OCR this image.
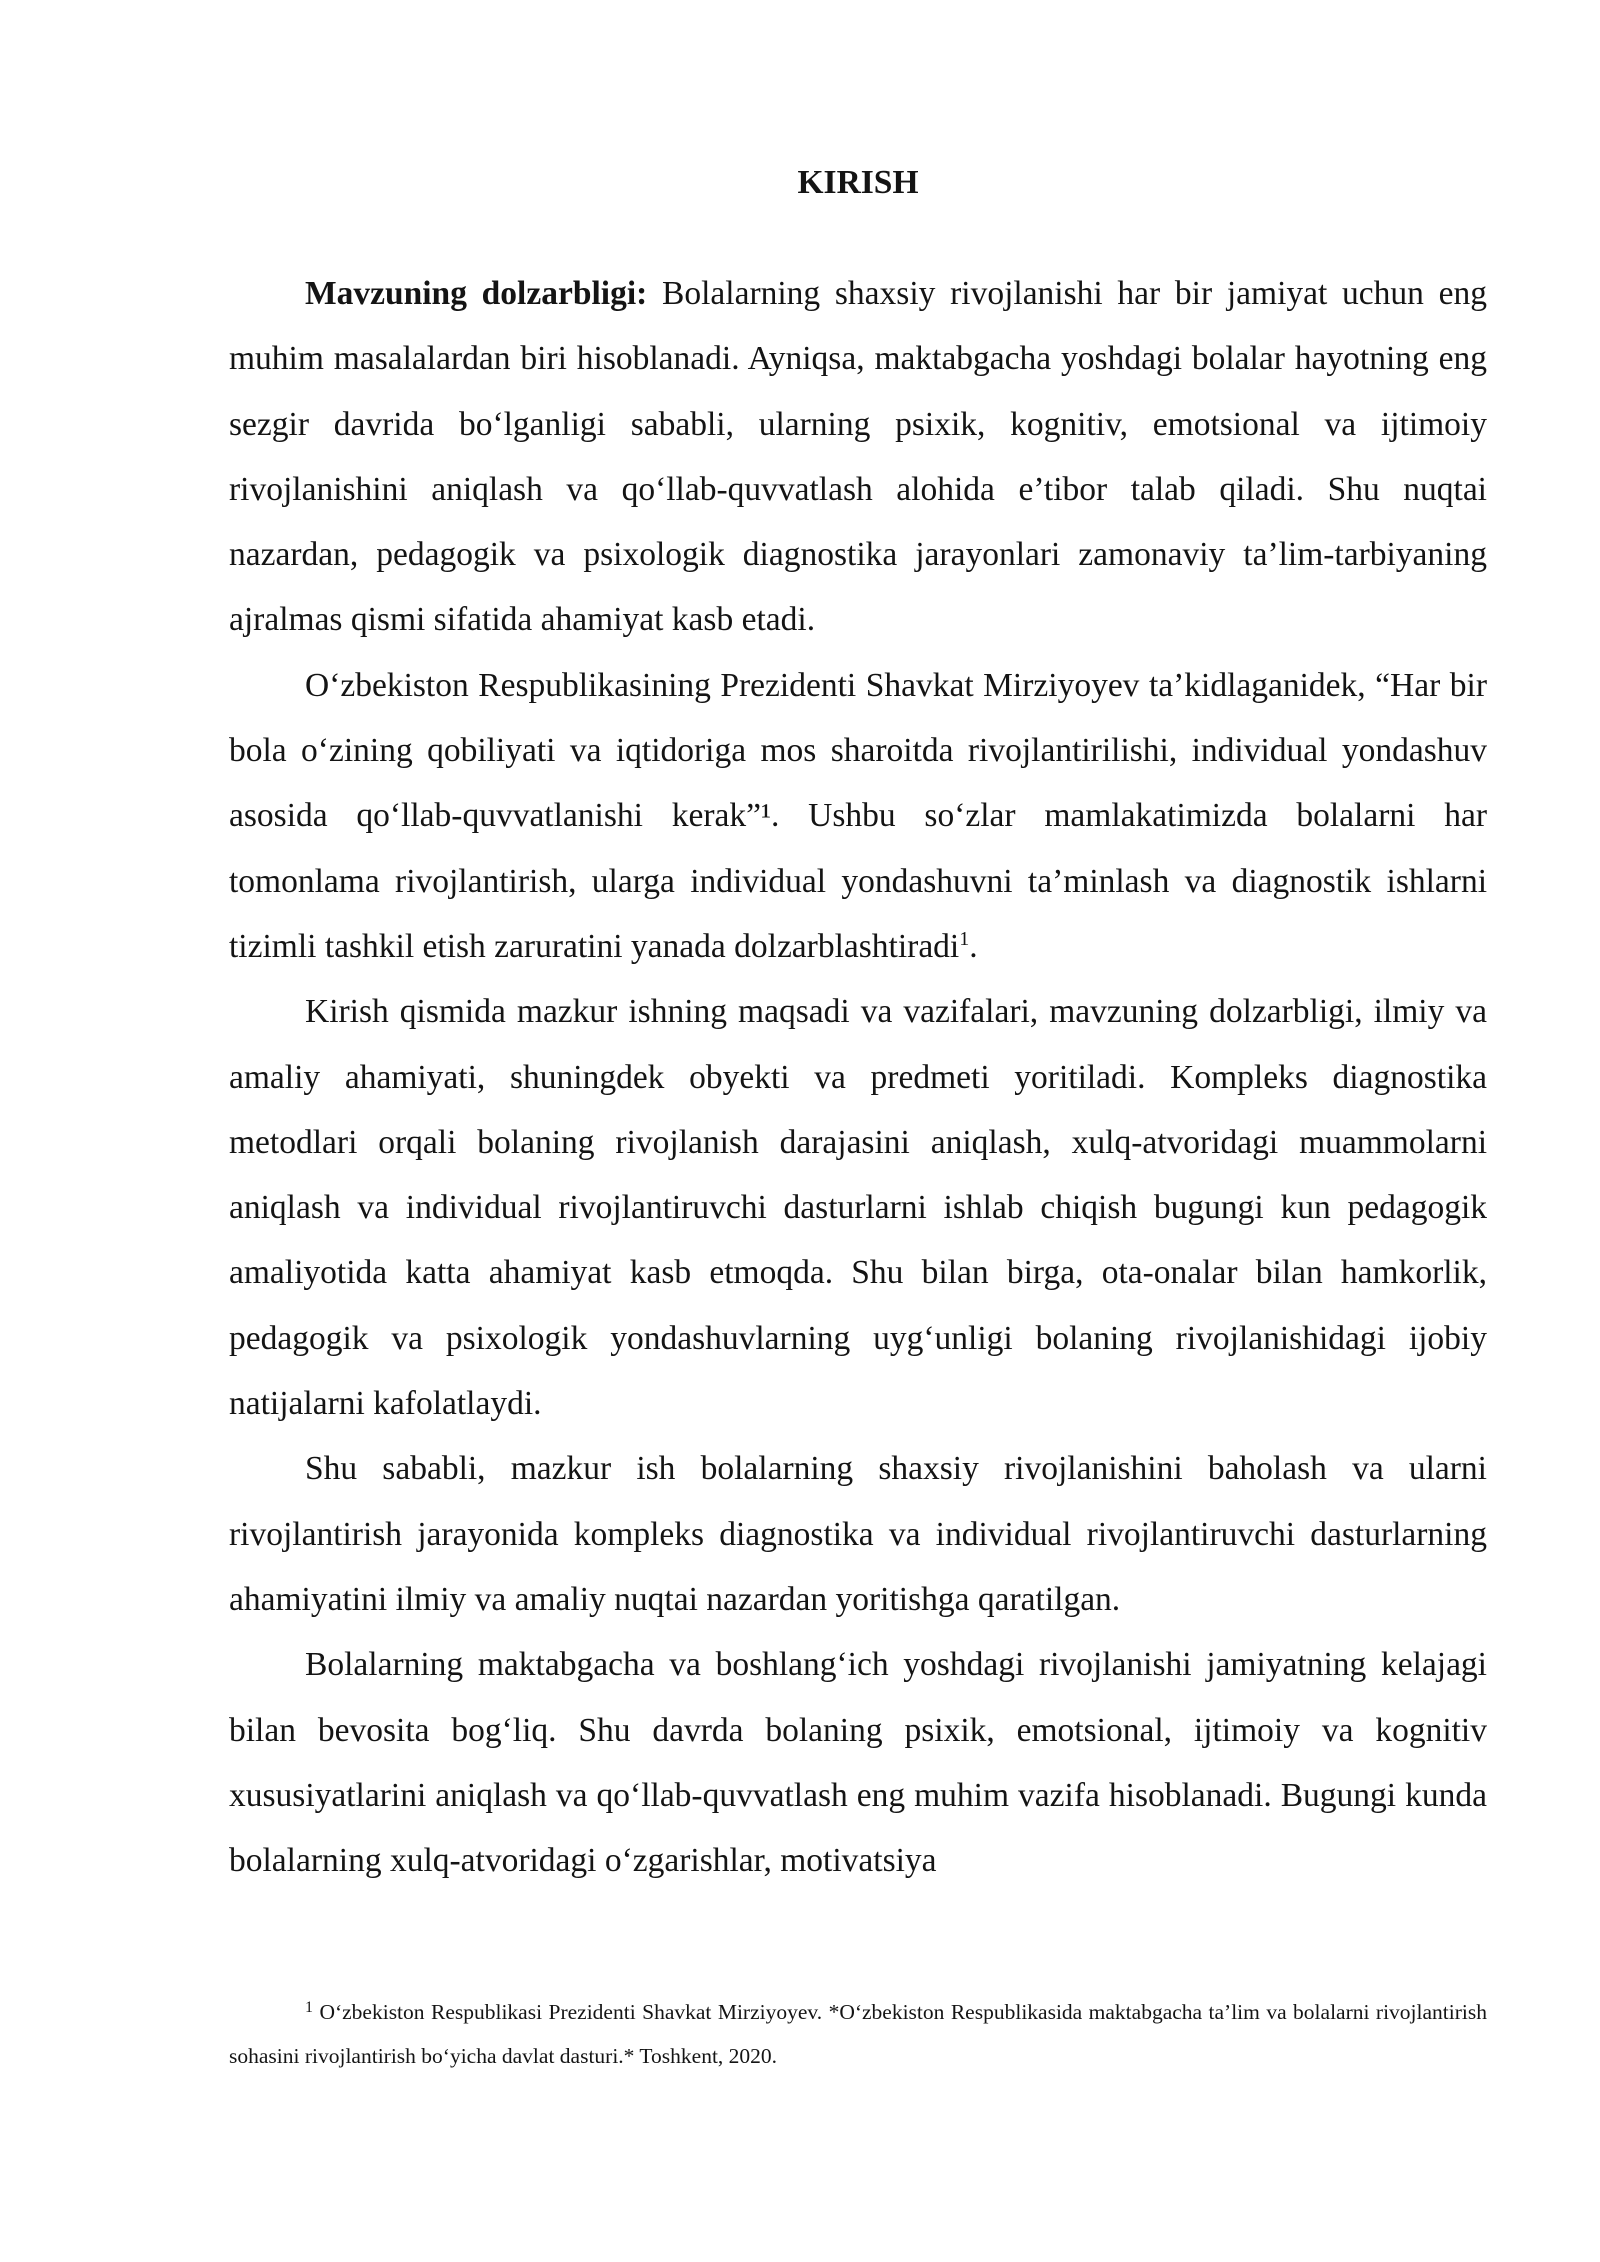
KIRISH

Mavzuning dolzarbligi: Bolalarning shaxsiy rivojlanishi har bir jamiyat uchun eng muhim masalalardan biri hisoblanadi. Ayniqsa, maktabgacha yoshdagi bolalar hayotning eng sezgir davrida bo‘lganligi sababli, ularning psixik, kognitiv, emotsional va ijtimoiy rivojlanishini aniqlash va qo‘llab-quvvatlash alohida e’tibor talab qiladi. Shu nuqtai nazardan, pedagogik va psixologik diagnostika jarayonlari zamonaviy ta’lim-tarbiyaning ajralmas qismi sifatida ahamiyat kasb etadi.

O‘zbekiston Respublikasining Prezidenti Shavkat Mirziyoyev ta’kidlaganidek, “Har bir bola o‘zining qobiliyati va iqtidoriga mos sharoitda rivojlantirilishi, individual yondashuv asosida qo‘llab-quvvatlanishi kerak”¹. Ushbu so‘zlar mamlakatimizda bolalarni har tomonlama rivojlantirish, ularga individual yondashuvni ta’minlash va diagnostik ishlarni tizimli tashkil etish zaruratini yanada dolzarblashtiradi$^1$.

Kirish qismida mazkur ishning maqsadi va vazifalari, mavzuning dolzarbligi, ilmiy va amaliy ahamiyati, shuningdek obyekti va predmeti yoritiladi. Kompleks diagnostika metodlari orqali bolaning rivojlanish darajasini aniqlash, xulq-atvoridagi muammolarni aniqlash va individual rivojlantiruvchi dasturlarni ishlab chiqish bugungi kun pedagogik amaliyotida katta ahamiyat kasb etmoqda. Shu bilan birga, ota-onalar bilan hamkorlik, pedagogik va psixologik yondashuvlarning uyg‘unligi bolaning rivojlanishidagi ijobiy natijalarni kafolatlaydi.

Shu sababli, mazkur ish bolalarning shaxsiy rivojlanishini baholash va ularni rivojlantirish jarayonida kompleks diagnostika va individual rivojlantiruvchi dasturlarning ahamiyatini ilmiy va amaliy nuqtai nazardan yoritishga qaratilgan.

Bolalarning maktabgacha va boshlang‘ich yoshdagi rivojlanishi jamiyatning kelajagi bilan bevosita bog‘liq. Shu davrda bolaning psixik, emotsional, ijtimoiy va kognitiv xususiyatlarini aniqlash va qo‘llab-quvvatlash eng muhim vazifa hisoblanadi. Bugungi kunda bolalarning xulq-atvoridagi o‘zgarishlar, motivatsiya

$^1$ O‘zbekiston Respublikasi Prezidenti Shavkat Mirziyoyev. *O‘zbekiston Respublikasida maktabgacha ta’lim va bolalarni rivojlantirish sohasini rivojlantirish bo‘yicha davlat dasturi.* Toshkent, 2020.
